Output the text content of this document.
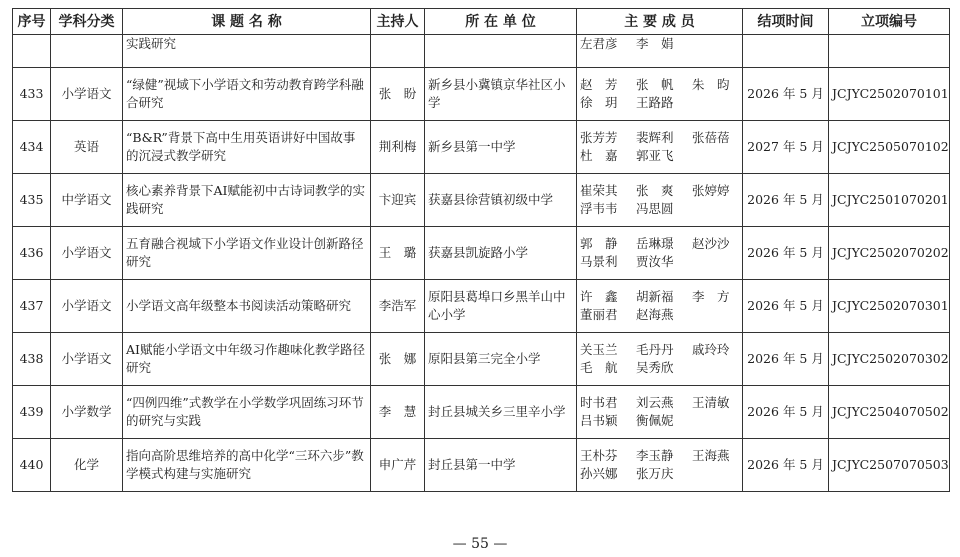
序号	学科分类	课 题 名 称	主持人	所 在 单 位	主 要 成 员	结项时间	立项编号
		实践研究			左君彦 李　娟		

433	小学语文	“绿健”视域下小学语文和劳动教育跨学科融合研究	张　盼	新乡县小冀镇京华社区小学	赵　芳 张　帆 朱　昀
徐　玥 王路路	2026 年 5 月	JCJYC2502070101
434	英语	“B&R”背景下高中生用英语讲好中国故事的沉浸式教学研究	荆利梅	新乡县第一中学	张芳芳 裴辉利 张蓓蓓
杜　嘉 郭亚飞	2027 年 5 月	JCJYC2505070102
435	中学语文	核心素养背景下AI赋能初中古诗词教学的实践研究	卞迎宾	获嘉县徐营镇初级中学	崔荣其 张　爽 张婷婷
浮韦韦 冯思圆	2026 年 5 月	JCJYC2501070201
436	小学语文	五育融合视域下小学语文作业设计创新路径研究	王　璐	获嘉县凯旋路小学	郭　静 岳琳璟 赵沙沙
马景利 贾汝华	2026 年 5 月	JCJYC2502070202
437	小学语文	小学语文高年级整本书阅读活动策略研究	李浩军	原阳县葛埠口乡黑羊山中心小学	许　鑫 胡新福 李　方
董丽君 赵海燕	2026 年 5 月	JCJYC2502070301
438	小学语文	AI赋能小学语文中年级习作趣味化教学路径研究	张　娜	原阳县第三完全小学	关玉兰 毛丹丹 戚玲玲
毛　航 吴秀欣	2026 年 5 月	JCJYC2502070302
439	小学数学	“四例四维”式教学在小学数学巩固练习环节的研究与实践	李　慧	封丘县城关乡三里辛小学	时书君 刘云燕 王清敏
吕书颖 衡佩妮	2026 年 5 月	JCJYC2504070502
440	化学	指向高阶思维培养的高中化学“三环六步”教学模式构建与实施研究	申广芹	封丘县第一中学	王朴芬 李玉静 王海燕
孙兴娜 张万庆	2026 年 5 月	JCJYC2507070503
— 55 —
